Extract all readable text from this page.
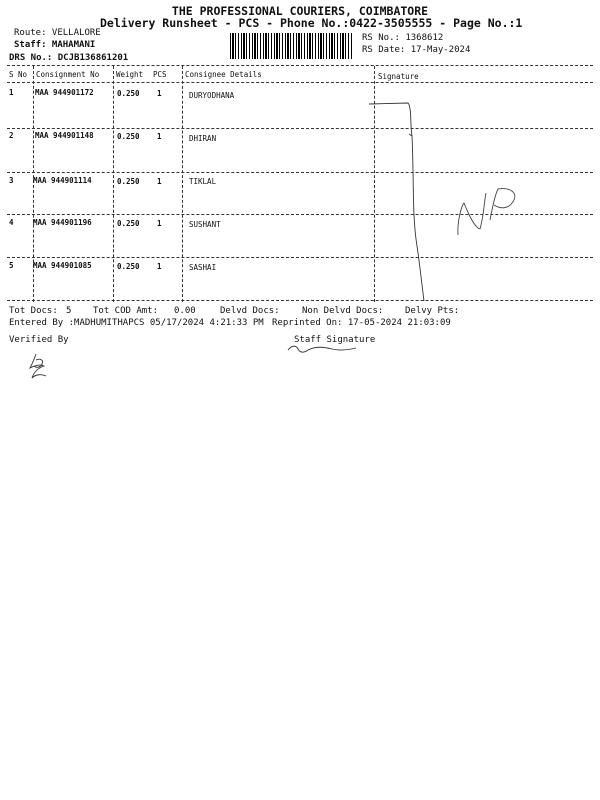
THE PROFESSIONAL COURIERS, COIMBATORE
Delivery Runsheet - PCS - Phone No.:0422-3505555 - Page No.:1
Route: VELLALORE
Staff: MAHAMANI
DRS No.: DCJB136861201
RS No.: 1368612
RS Date: 17-May-2024
S No Consignment No Weight PCS Consignee Details	Signature
1	MAA 944901172	0.250 1	DURYODHANA
2	MAA 944901148	0.250 1	DHIRAN
3	MAA 944901114	0.250 1	TIKLAL
4	MAA 944901196	0.250 1	SUSHANT
5	MAA 944901085	0.250 1	SASHAI
Tot Docs: 5 Tot COD Amt: 0.00	Delvd Docs: Non Delvd Docs: Delvy Pts:
Entered By :MADHUMITHAPCS 05/17/2024 4:21:33 PM Reprinted On: 17-05-2024 21:03:09
Verified By	Staff Signature
